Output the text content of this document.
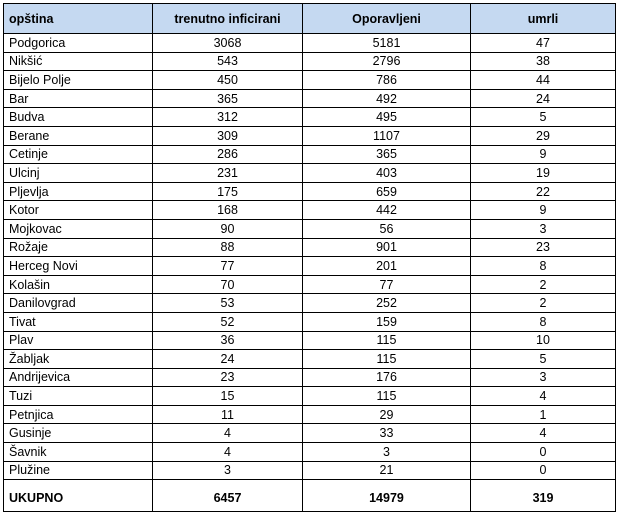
opština	trenutno inficirani	Oporavljeni	umrli
Podgorica	3068	5181	47
Nikšić	543	2796	38
Bijelo Polje	450	786	44
Bar	365	492	24
Budva	312	495	5
Berane	309	1107	29
Cetinje	286	365	9
Ulcinj	231	403	19
Pljevlja	175	659	22
Kotor	168	442	9
Mojkovac	90	56	3
Rožaje	88	901	23
Herceg Novi	77	201	8
Kolašin	70	77	2
Danilovgrad	53	252	2
Tivat	52	159	8
Plav	36	115	10
Žabljak	24	115	5
Andrijevica	23	176	3
Tuzi	15	115	4
Petnjica	11	29	1
Gusinje	4	33	4
Šavnik	4	3	0
Plužine	3	21	0

UKUPNO	6457	14979	319
